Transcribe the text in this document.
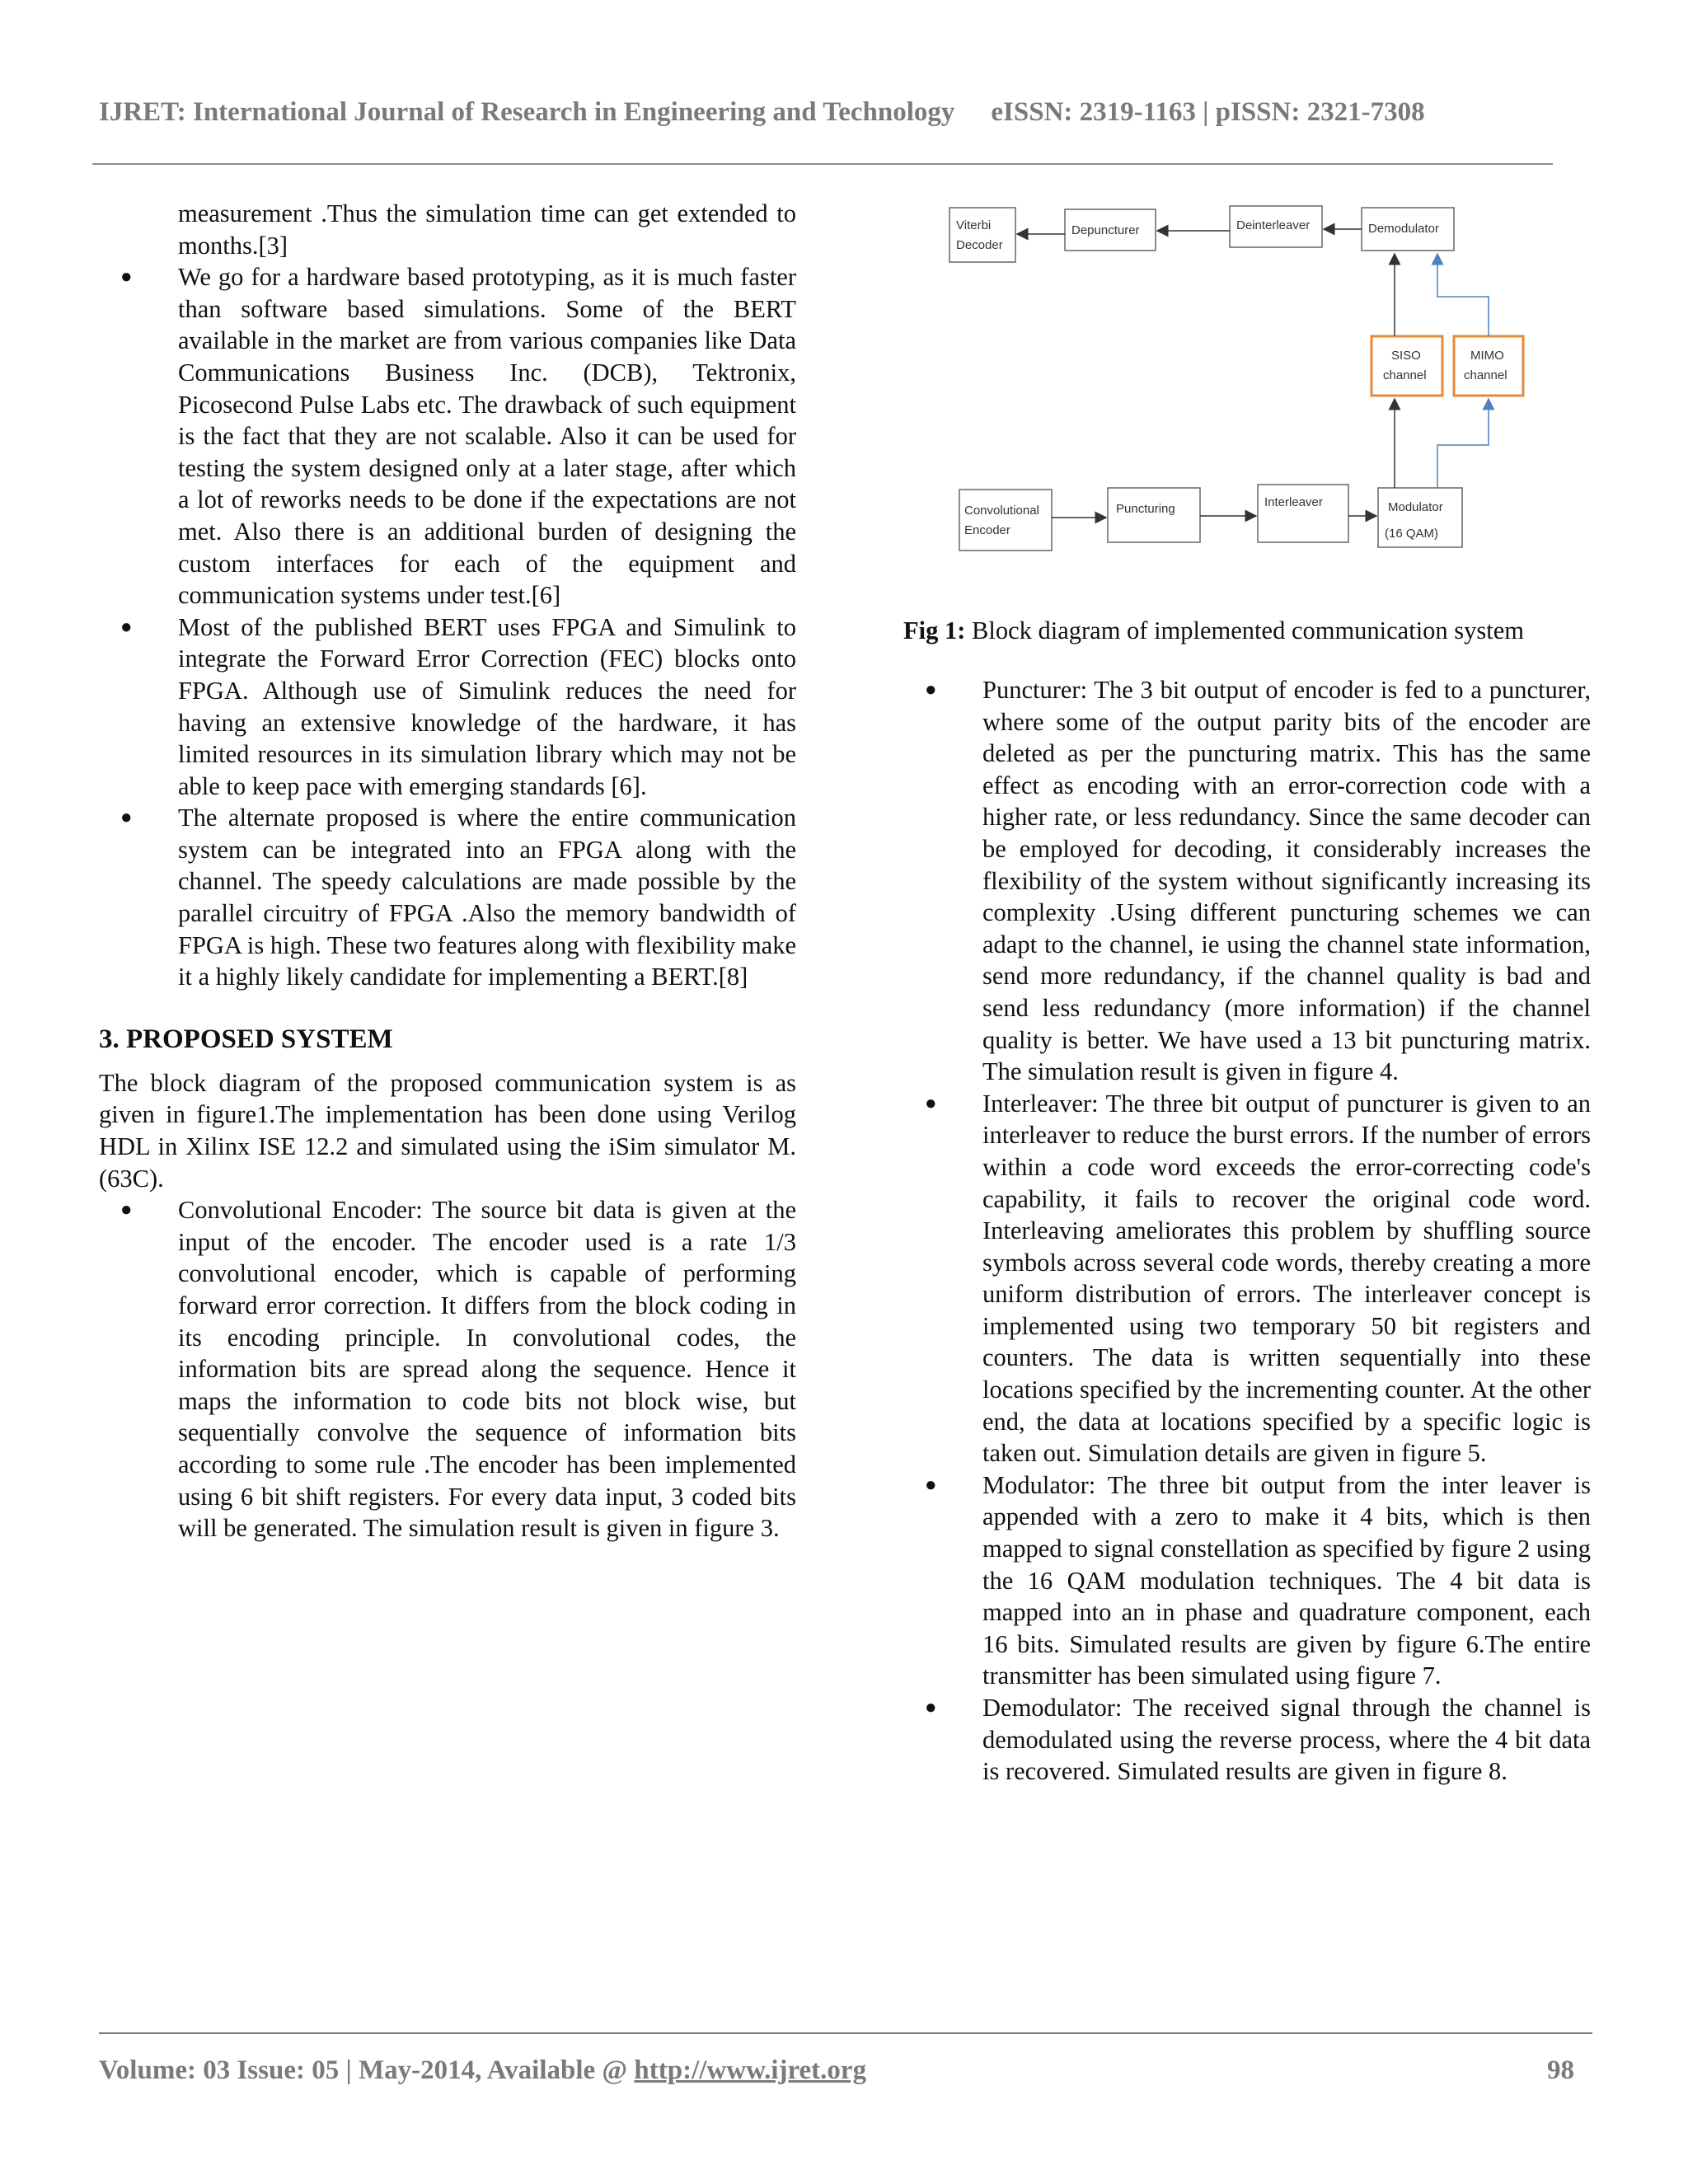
IJRET: International Journal of Research in Engineering and Technology eISSN: 2319-1163 | pISSN: 2321-7308
measurement .Thus the simulation time can get extended to months.[3]
● We go for a hardware based prototyping, as it is much faster than software based simulations. Some of the BERT available in the market are from various companies like Data Communications Business Inc. (DCB), Tektronix, Picosecond Pulse Labs etc. The drawback of such equipment is the fact that they are not scalable. Also it can be used for testing the system designed only at a later stage, after which a lot of reworks needs to be done if the expectations are not met. Also there is an additional burden of designing the custom interfaces for each of the equipment and communication systems under test.[6]
● Most of the published BERT uses FPGA and Simulink to integrate the Forward Error Correction (FEC) blocks onto FPGA. Although use of Simulink reduces the need for having an extensive knowledge of the hardware, it has limited resources in its simulation library which may not be able to keep pace with emerging standards [6].
● The alternate proposed is where the entire communication system can be integrated into an FPGA along with the channel. The speedy calculations are made possible by the parallel circuitry of FPGA .Also the memory bandwidth of FPGA is high. These two features along with flexibility make it a highly likely candidate for implementing a BERT.[8]
3. PROPOSED SYSTEM

The block diagram of the proposed communication system is as given in figure1.The implementation has been done using Verilog HDL in Xilinx ISE 12.2 and simulated using the iSim simulator M.(63C).

● Convolutional Encoder: The source bit data is given at the input of the encoder. The encoder used is a rate 1/3 convolutional encoder, which is capable of performing forward error correction. It differs from the block coding in its encoding principle. In convolutional codes, the information bits are spread along the sequence. Hence it maps the information to code bits not block wise, but sequentially convolve the sequence of information bits according to some rule .The encoder has been implemented using 6 bit shift registers. For every data input, 3 coded bits will be generated. The simulation result is given in figure 3.
Viterbi
Decoder
Depuncturer	Deinterleaver	Demodulator
SISO
channel
MIMO
channel
Convolutional
Encoder
Puncturing	Interleaver	Modulator
(16 QAM)
Fig 1: Block diagram of implemented communication system
● Puncturer: The 3 bit output of encoder is fed to a puncturer, where some of the output parity bits of the encoder are deleted as per the puncturing matrix. This has the same effect as encoding with an error-correction code with a higher rate, or less redundancy. Since the same decoder can be employed for decoding, it considerably increases the flexibility of the system without significantly increasing its complexity .Using different puncturing schemes we can adapt to the channel, ie using the channel state information, send more redundancy, if the channel quality is bad and send less redundancy (more information) if the channel quality is better. We have used a 13 bit puncturing matrix. The simulation result is given in figure 4.
● Interleaver: The three bit output of puncturer is given to an interleaver to reduce the burst errors. If the number of errors within a code word exceeds the error-correcting code's capability, it fails to recover the original code word. Interleaving ameliorates this problem by shuffling source symbols across several code words, thereby creating a more uniform distribution of errors. The interleaver concept is implemented using two temporary 50 bit registers and counters. The data is written sequentially into these locations specified by the incrementing counter. At the other end, the data at locations specified by a specific logic is taken out. Simulation details are given in figure 5.
● Modulator: The three bit output from the inter leaver is appended with a zero to make it 4 bits, which is then mapped to signal constellation as specified by figure 2 using the 16 QAM modulation techniques. The 4 bit data is mapped into an in phase and quadrature component, each 16 bits. Simulated results are given by figure 6.The entire transmitter has been simulated using figure 7.
● Demodulator: The received signal through the channel is demodulated using the reverse process, where the 4 bit data is recovered. Simulated results are given in figure 8.
Volume: 03 Issue: 05 | May-2014, Available @ http://www.ijret.org	98
